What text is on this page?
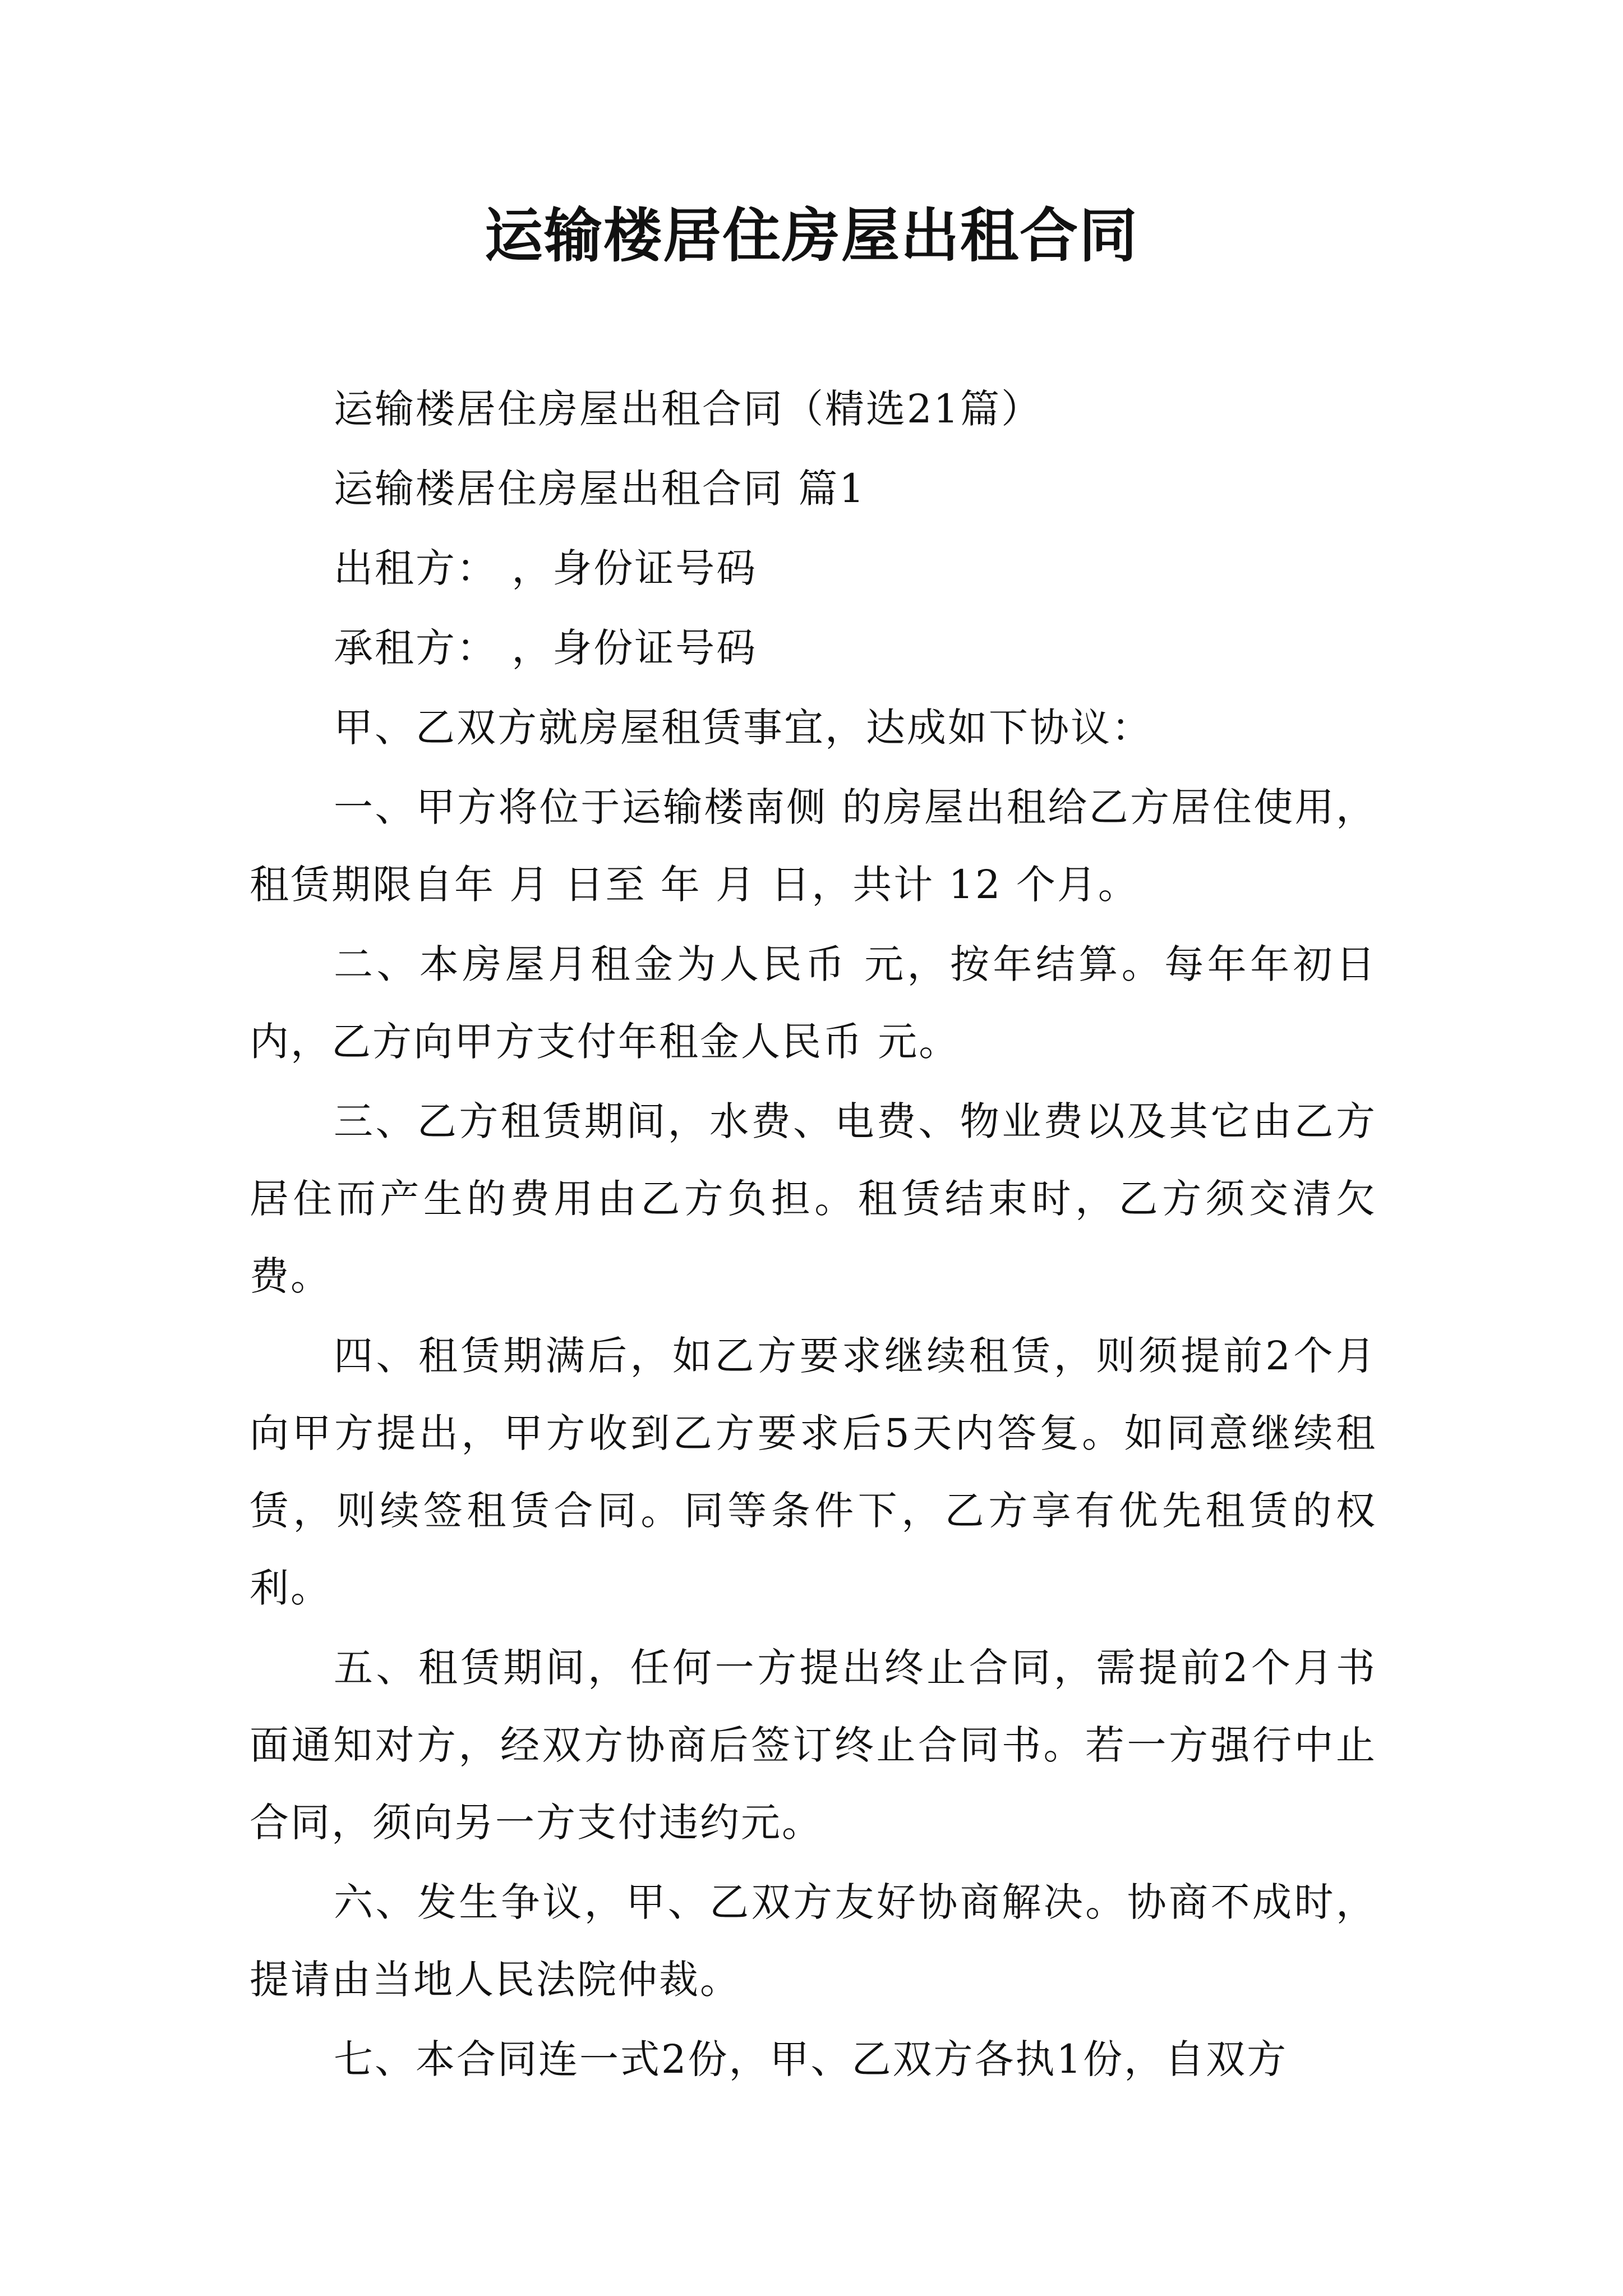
运输楼居住房屋出租合同

运输楼居住房屋出租合同（精选21篇）

运输楼居住房屋出租合同 篇1

出租方： ，身份证号码

承租方： ，身份证号码

甲、乙双方就房屋租赁事宜，达成如下协议：

一、甲方将位于运输楼南侧 的房屋出租给乙方居住使用，租赁期限自年 月 日至 年 月 日，共计 12 个月。

二、本房屋月租金为人民币 元，按年结算。每年年初日内，乙方向甲方支付年租金人民币 元。

三、乙方租赁期间，水费、电费、物业费以及其它由乙方居住而产生的费用由乙方负担。租赁结束时，乙方须交清欠费。

四、租赁期满后，如乙方要求继续租赁，则须提前2个月向甲方提出，甲方收到乙方要求后5天内答复。如同意继续租赁，则续签租赁合同。同等条件下，乙方享有优先租赁的权利。

五、租赁期间，任何一方提出终止合同，需提前2个月书面通知对方，经双方协商后签订终止合同书。若一方强行中止合同，须向另一方支付违约元。

六、发生争议，甲、乙双方友好协商解决。协商不成时，提请由当地人民法院仲裁。

七、本合同连一式2份，甲、乙双方各执1份，自双方
